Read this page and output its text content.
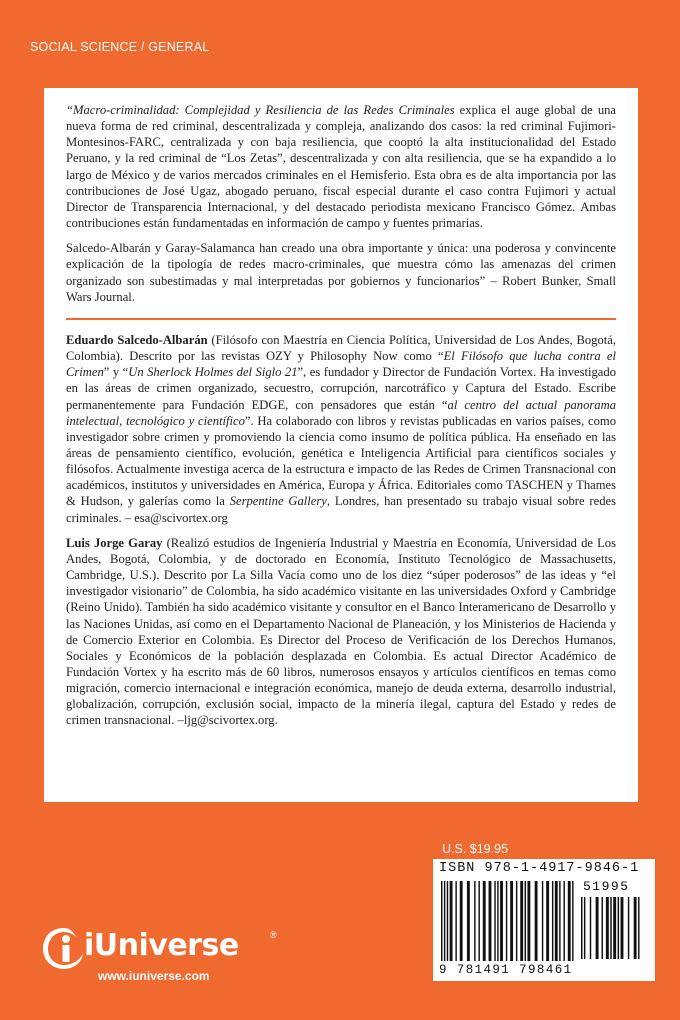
SOCIAL SCIENCE / GENERAL

“Macro-criminalidad: Complejidad y Resiliencia de las Redes Criminales explica el auge global de una nueva forma de red criminal, descentralizada y compleja, analizando dos casos: la red criminal Fujimori-Montesinos-FARC, centralizada y con baja resiliencia, que cooptó la alta institucionalidad del Estado Peruano, y la red criminal de “Los Zetas”, descentralizada y con alta resiliencia, que se ha expandido a lo largo de México y de varios mercados criminales en el Hemisferio. Esta obra es de alta importancia por las contribuciones de José Ugaz, abogado peruano, fiscal especial durante el caso contra Fujimori y actual Director de Transparencia Internacional, y del destacado periodista mexicano Francisco Gómez. Ambas contribuciones están fundamentadas en información de campo y fuentes primarias.

Salcedo-Albarán y Garay-Salamanca han creado una obra importante y única: una poderosa y convincente explicación de la tipología de redes macro-criminales, que muestra cómo las amenazas del crimen organizado son subestimadas y mal interpretadas por gobiernos y funcionarios” – Robert Bunker, Small Wars Journal.

Eduardo Salcedo-Albarán (Filósofo con Maestría en Ciencia Política, Universidad de Los Andes, Bogotá, Colombia). Descrito por las revistas OZY y Philosophy Now como “El Filósofo que lucha contra el Crimen” y “Un Sherlock Holmes del Siglo 21”, es fundador y Director de Fundación Vortex. Ha investigado en las áreas de crimen organizado, secuestro, corrupción, narcotráfico y Captura del Estado. Escribe permanentemente para Fundación EDGE, con pensadores que están “al centro del actual panorama intelectual, tecnológico y científico”. Ha colaborado con libros y revistas publicadas en varios países, como investigador sobre crimen y promoviendo la ciencia como insumo de política pública. Ha enseñado en las áreas de pensamiento científico, evolución, genética e Inteligencia Artificial para científicos sociales y filósofos. Actualmente investiga acerca de la estructura e impacto de las Redes de Crimen Transnacional con académicos, institutos y universidades en América, Europa y África. Editoriales como TASCHEN y Thames & Hudson, y galerías como la Serpentine Gallery, Londres, han presentado su trabajo visual sobre redes criminales. – esa@scivortex.org

Luis Jorge Garay (Realizó estudios de Ingeniería Industrial y Maestría en Economía, Universidad de Los Andes, Bogotá, Colombia, y de doctorado en Economía, Instituto Tecnológico de Massachusetts, Cambridge, U.S.). Descrito por La Silla Vacía como uno de los diez “súper poderosos” de las ideas y “el investigador visionario” de Colombia, ha sido académico visitante en las universidades Oxford y Cambridge (Reino Unido). También ha sido académico visitante y consultor en el Banco Interamericano de Desarrollo y las Naciones Unidas, así como en el Departamento Nacional de Planeación, y los Ministerios de Hacienda y de Comercio Exterior en Colombia. Es Director del Proceso de Verificación de los Derechos Humanos, Sociales y Económicos de la población desplazada en Colombia. Es actual Director Académico de Fundación Vortex y ha escrito más de 60 libros, numerosos ensayos y artículos científicos en temas como migración, comercio internacional e integración económica, manejo de deuda externa, desarrollo industrial, globalización, corrupción, exclusión social, impacto de la minería ilegal, captura del Estado y redes de crimen transnacional. –ljg@scivortex.org.

U.S. $19.95
ISBN 978-1-4917-9846-1
51995
9 781491 798461
iUniverse	®
www.iuniverse.com
